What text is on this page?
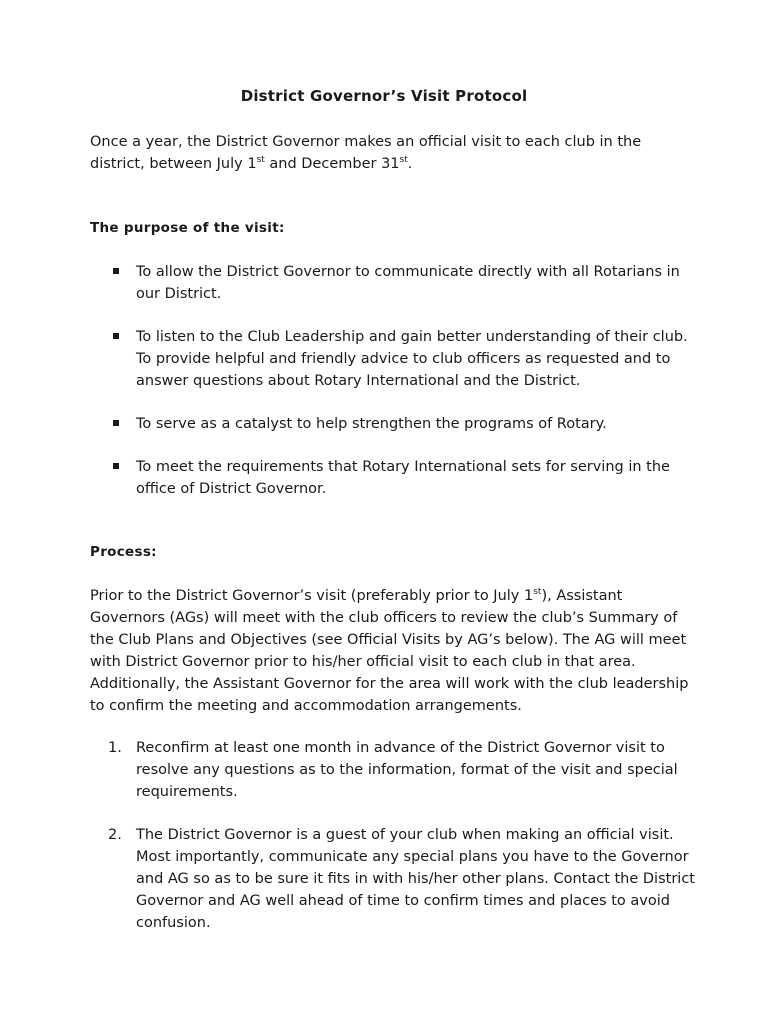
District Governor’s Visit Protocol
Once a year, the District Governor makes an official visit to each club in the district, between July 1st and December 31st.
The purpose of the visit:
To allow the District Governor to communicate directly with all Rotarians in our District.
To listen to the Club Leadership and gain better understanding of their club. To provide helpful and friendly advice to club officers as requested and to answer questions about Rotary International and the District.
To serve as a catalyst to help strengthen the programs of Rotary.
To meet the requirements that Rotary International sets for serving in the office of District Governor.
Process:
Prior to the District Governor’s visit (preferably prior to July 1st), Assistant Governors (AGs) will meet with the club officers to review the club’s Summary of the Club Plans and Objectives (see Official Visits by AG’s below). The AG will meet with District Governor prior to his/her official visit to each club in that area. Additionally, the Assistant Governor for the area will work with the club leadership to confirm the meeting and accommodation arrangements.
1. Reconfirm at least one month in advance of the District Governor visit to resolve any questions as to the information, format of the visit and special requirements.
2. The District Governor is a guest of your club when making an official visit. Most importantly, communicate any special plans you have to the Governor and AG so as to be sure it fits in with his/her other plans. Contact the District Governor and AG well ahead of time to confirm times and places to avoid confusion.
